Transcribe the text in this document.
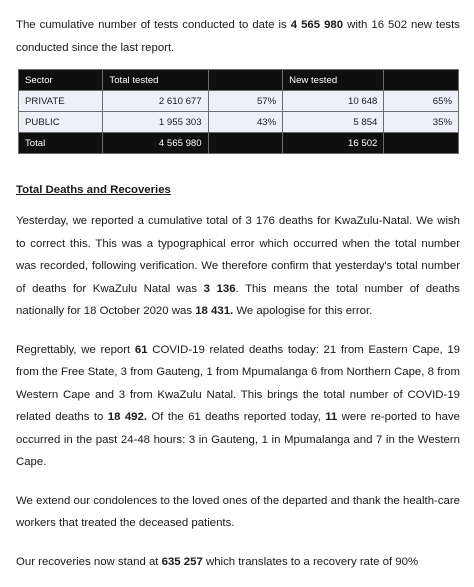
The cumulative number of tests conducted to date is 4 565 980 with 16 502 new tests conducted since the last report.

Sector	Total tested		New tested	
PRIVATE	2 610 677	57%	10 648	65%
PUBLIC	1 955 303	43%	5 854	35%
Total	4 565 980		16 502	
Total Deaths and Recoveries

Yesterday, we reported a cumulative total of 3 176 deaths for KwaZulu-Natal. We wish to correct this. This was a typographical error which occurred when the total number was recorded, following verification. We therefore confirm that yesterday's total number of deaths for KwaZulu Natal was 3 136. This means the total number of deaths nationally for 18 October 2020 was 18 431. We apologise for this error.

Regrettably, we report 61 COVID-19 related deaths today: 21 from Eastern Cape, 19 from the Free State, 3 from Gauteng, 1 from Mpumalanga 6 from Northern Cape, 8 from Western Cape and 3 from KwaZulu Natal. This brings the total number of COVID-19 related deaths to 18 492. Of the 61 deaths reported today, 11 were re-ported to have occurred in the past 24-48 hours: 3 in Gauteng, 1 in Mpumalanga and 7 in the Western Cape.

We extend our condolences to the loved ones of the departed and thank the health-care workers that treated the deceased patients.

Our recoveries now stand at 635 257 which translates to a recovery rate of 90%
